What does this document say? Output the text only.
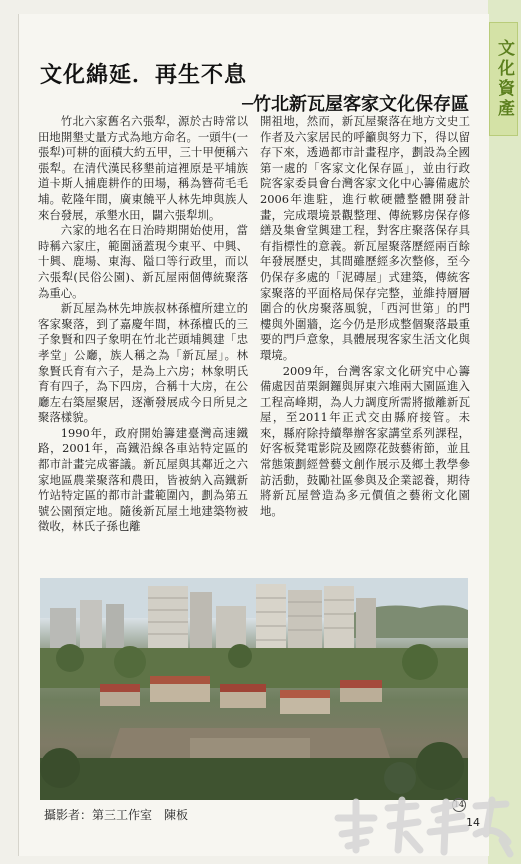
文化資產
文化綿延．再生不息
─竹北新瓦屋客家文化保存區

竹北六家舊名六張犁，源於古時常以田地開墾丈量方式為地方命名。一頭牛(一張犁)可耕的面積大約五甲，三十甲便稱六張犁。在清代漢民移墾前這裡原是平埔族道卡斯人捕鹿耕作的田場，稱為簪荷毛毛埔。乾隆年間，廣東饒平人林先坤與族人來台發展，承墾水田，闢六張犁圳。

六家的地名在日治時期開始使用，當時稱六家庄，範圍涵蓋現今東平、中興、十興、鹿場、東海、隘口等行政里，而以六張犁(民俗公園)、新瓦屋兩個傳統聚落為重心。

新瓦屋為林先坤族叔林孫檀所建立的客家聚落，到了嘉慶年間，林孫檀氏的三子象賢和四子象明在竹北芒頭埔興建「忠孝堂」公廳，族人稱之為「新瓦屋」。林象賢氏育有六子，是為上六房；林象明氏育有四子，為下四房，合稱十大房，在公廳左右築屋聚居，逐漸發展成今日所見之聚落樣貌。

1990年，政府開始籌建臺灣高速鐵路，2001年，高鐵沿線各車站特定區的都市計畫完成審議。新瓦屋與其鄰近之六家地區農業聚落和農田，皆被納入高鐵新竹站特定區的都市計畫範圍內，劃為第五號公園預定地。隨後新瓦屋土地建築物被徵收，林氏子孫也離

開祖地，然而，新瓦屋聚落在地方文史工作者及六家居民的呼籲與努力下，得以留存下來，透過都市計畫程序，劃設為全國第一處的「客家文化保存區」，並由行政院客家委員會台灣客家文化中心籌備處於2006年進駐，進行軟硬體整體開發計畫，完成環境景觀整理、傳統夥房保存修繕及集會堂興建工程，對客庄聚落保存具有指標性的意義。新瓦屋聚落歷經兩百餘年發展歷史，其間雖歷經多次整修，至今仍保存多處的「泥磚屋」式建築，傳統客家聚落的平面格局保存完整，並維持層層圍合的伙房聚落風貌，「西河世第」的門樓與外圍牆，迄今仍是形成整個聚落最重要的門戶意象，具體展現客家生活文化與環境。

2009年，台灣客家文化研究中心籌備處因苗栗銅鑼與屏東六堆兩大園區進入工程高峰期，為人力調度所需將撤離新瓦屋，至2011年正式交由縣府接管。未來，縣府除持續舉辦客家講堂系列課程，好客板凳電影院及國際花鼓藝術節，並且常態策劃經營藝文創作展示及鄉土教學參訪活動，鼓勵社區參與及企業認養，期待將新瓦屋營造為多元價值之藝術文化園地。

攝影者：第三工作室　陳板
14
14
